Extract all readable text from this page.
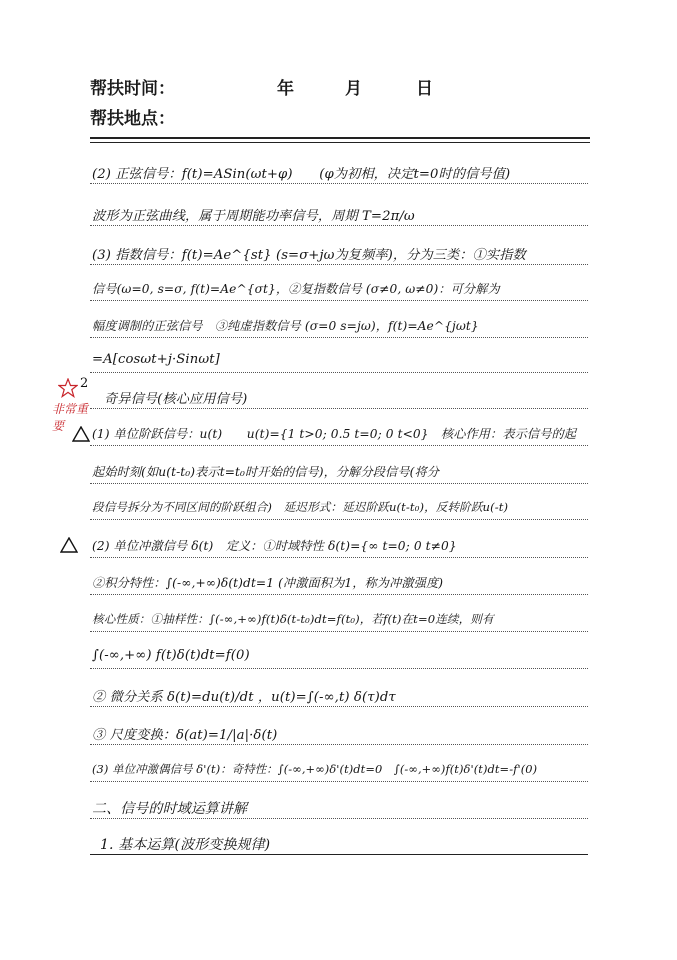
帮扶时间：	年	月	日
帮扶地点：
(2) 正弦信号：f(t)=ASin(ωt+φ)　　(φ为初相，决定t=0时的信号值)
波形为正弦曲线，属于周期能功率信号，周期 T=2π/ω
(3) 指数信号：f(t)=Ae^{st} (s=σ+jω为复频率)，分为三类：①实指数
信号(ω=0, s=σ, f(t)=Ae^{σt}，②复指数信号 (σ≠0, ω≠0)：可分解为
幅度调制的正弦信号　③纯虚指数信号 (σ=0 s=jω)，f(t)=Ae^{jωt}
=A[cosωt+j·Sinωt]
奇异信号(核心应用信号)
(1) 单位阶跃信号：u(t)　　u(t)={1 t>0; 0.5 t=0; 0 t<0}　核心作用：表示信号的起
起始时刻(如u(t-t₀)表示t=t₀时开始的信号)，分解分段信号(将分
段信号拆分为不同区间的阶跃组合)　延迟形式：延迟阶跃u(t-t₀)，反转阶跃u(-t)
(2) 单位冲激信号 δ(t)　定义：①时域特性 δ(t)={∞ t=0; 0 t≠0}
②积分特性：∫(-∞,+∞)δ(t)dt=1 (冲激面积为1，称为冲激强度)
核心性质：①抽样性：∫(-∞,+∞)f(t)δ(t-t₀)dt=f(t₀)，若f(t)在t=0连续，则有
∫(-∞,+∞) f(t)δ(t)dt=f(0)
② 微分关系 δ(t)=du(t)/dt ，u(t)=∫(-∞,t) δ(τ)dτ
③ 尺度变换：δ(at)=1/|a|·δ(t)
(3) 单位冲激偶信号 δ'(t)：奇特性：∫(-∞,+∞)δ'(t)dt=0　∫(-∞,+∞)f(t)δ'(t)dt=-f'(0)
二、信号的时域运算讲解
1. 基本运算(波形变换规律)
2
非常重要
